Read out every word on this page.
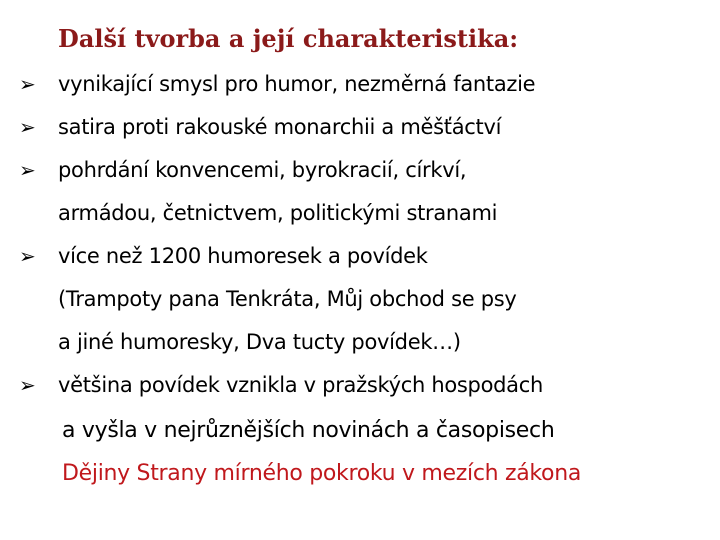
Další tvorba a její charakteristika:
➢ vynikající smysl pro humor, nezměrná fantazie
➢ satira proti rakouské monarchii a měšťáctví
➢ pohrdání konvencemi, byrokracií, církví,
armádou, četnictvem, politickými stranami
➢ více než 1200 humoresek a povídek
(Trampoty pana Tenkráta, Můj obchod se psy
a jiné humoresky, Dva tucty povídek…)
➢ většina povídek vznikla v pražských hospodách
a vyšla v nejrůznějších novinách a časopisech
Dějiny Strany mírného pokroku v mezích zákona
